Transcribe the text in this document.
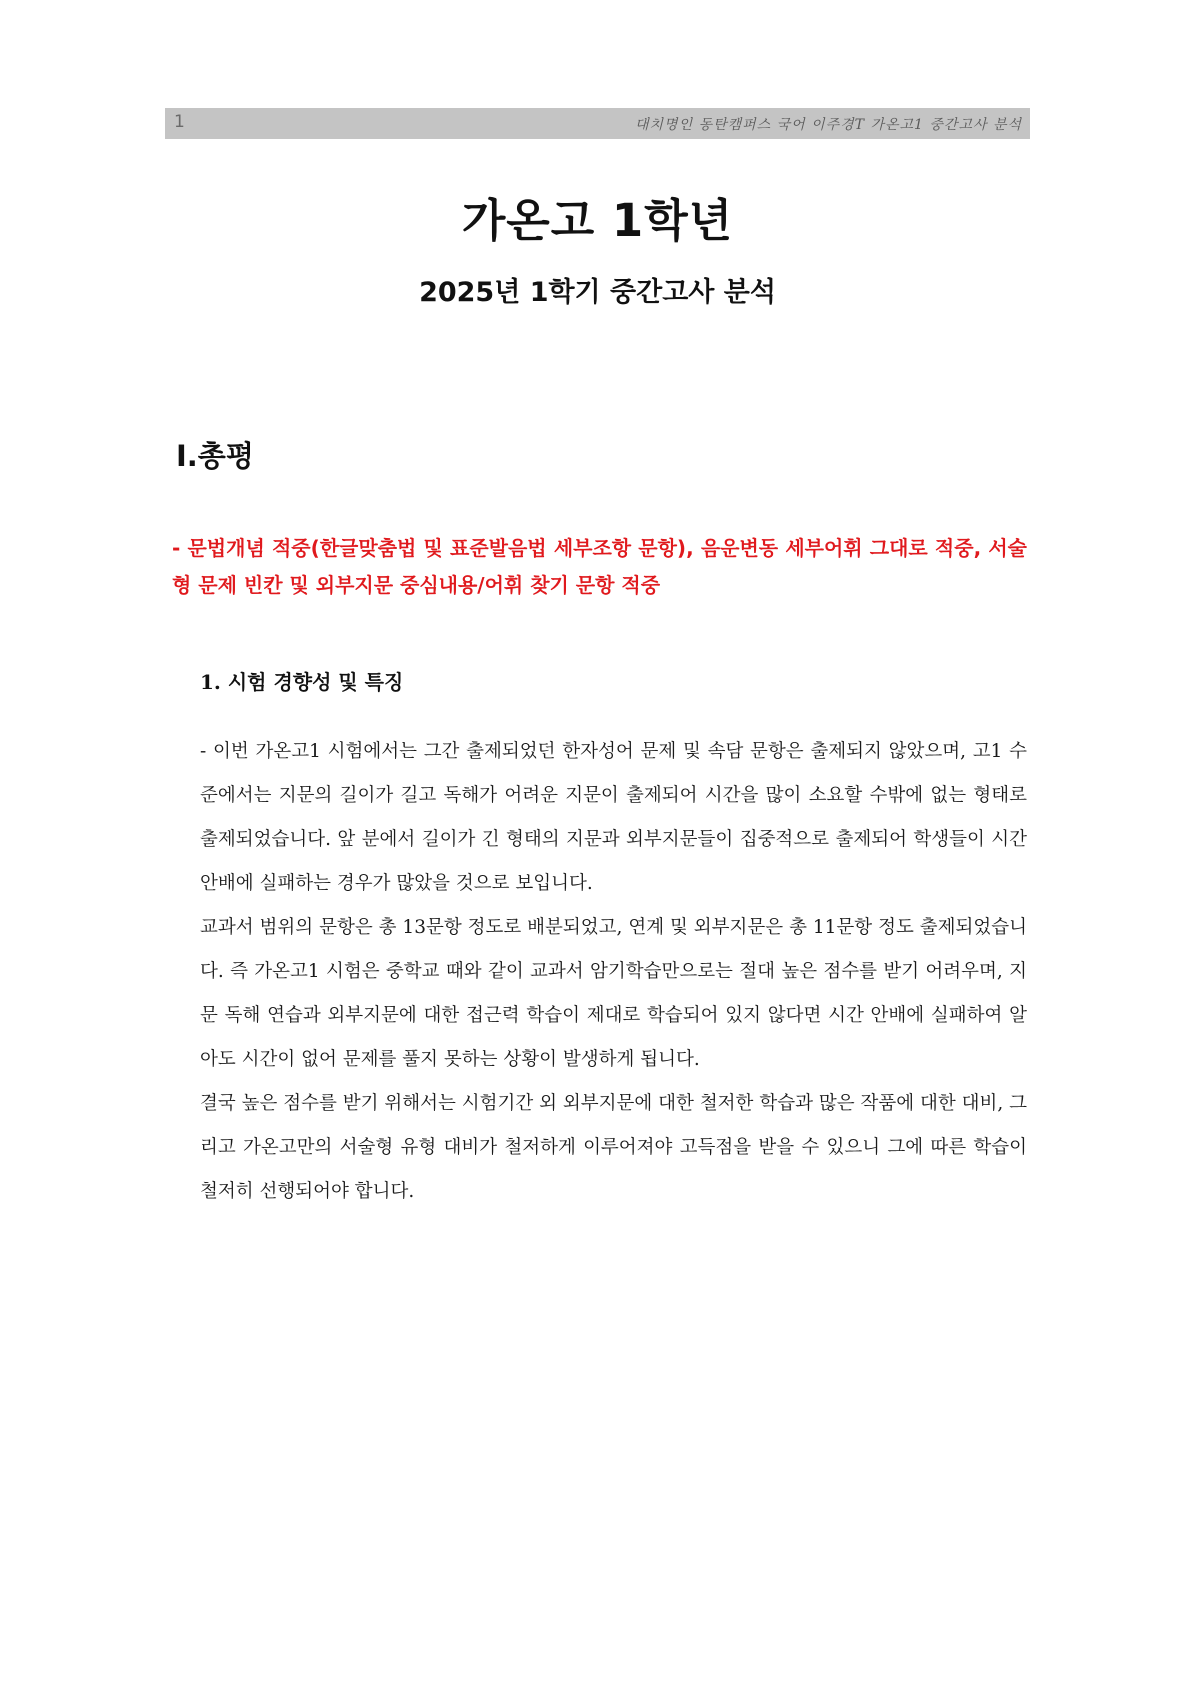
1	대치명인 동탄캠퍼스 국어 이주경T 가온고1 중간고사 분석
가온고 1학년
2025년 1학기 중간고사 분석
Ⅰ.총평

- 문법개념 적중(한글맞춤법 및 표준발음법 세부조항 문항), 음운변동 세부어휘 그대로 적중, 서술형 문제 빈칸 및 외부지문 중심내용/어휘 찾기 문항 적중

1. 시험 경향성 및 특징

- 이번 가온고1 시험에서는 그간 출제되었던 한자성어 문제 및 속담 문항은 출제되지 않았으며, 고1 수준에서는 지문의 길이가 길고 독해가 어려운 지문이 출제되어 시간을 많이 소요할 수밖에 없는 형태로 출제되었습니다. 앞 분에서 길이가 긴 형태의 지문과 외부지문들이 집중적으로 출제되어 학생들이 시간 안배에 실패하는 경우가 많았을 것으로 보입니다.

교과서 범위의 문항은 총 13문항 정도로 배분되었고, 연계 및 외부지문은 총 11문항 정도 출제되었습니다. 즉 가온고1 시험은 중학교 때와 같이 교과서 암기학습만으로는 절대 높은 점수를 받기 어려우며, 지문 독해 연습과 외부지문에 대한 접근력 학습이 제대로 학습되어 있지 않다면 시간 안배에 실패하여 알아도 시간이 없어 문제를 풀지 못하는 상황이 발생하게 됩니다.

결국 높은 점수를 받기 위해서는 시험기간 외 외부지문에 대한 철저한 학습과 많은 작품에 대한 대비, 그리고 가온고만의 서술형 유형 대비가 철저하게 이루어져야 고득점을 받을 수 있으니 그에 따른 학습이 철저히 선행되어야 합니다.
